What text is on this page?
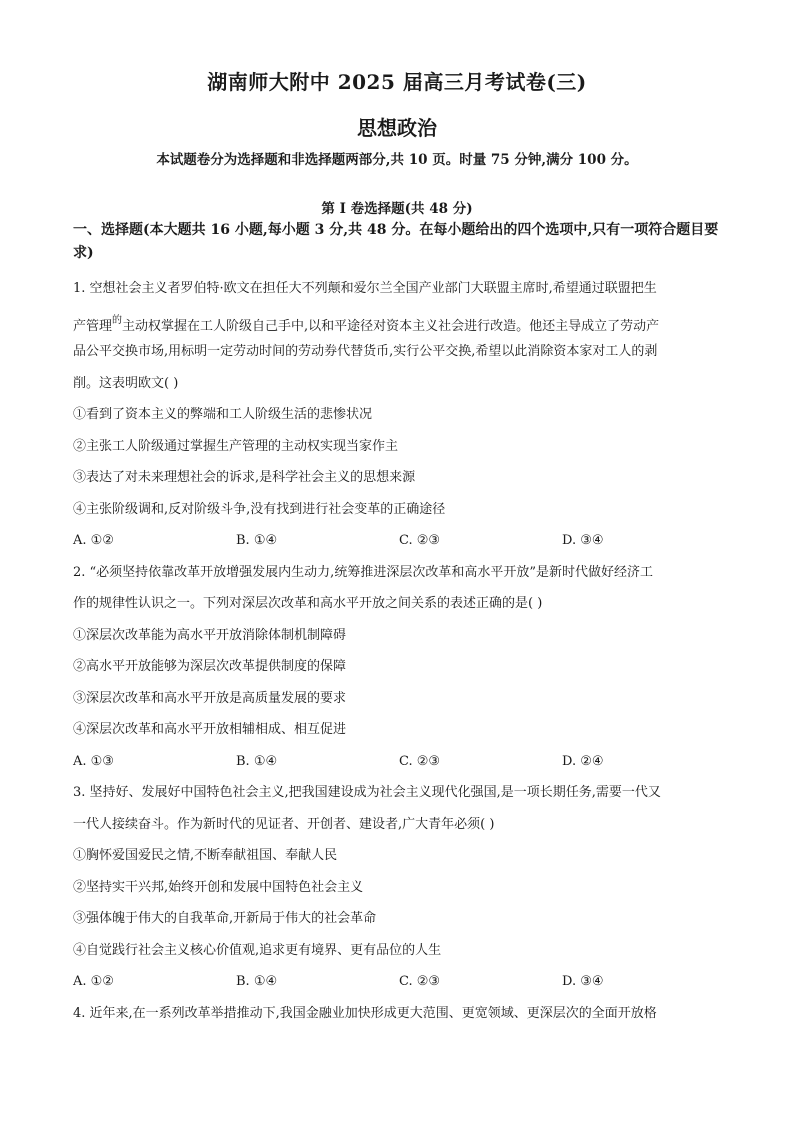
湖南师大附中 2025 届高三月考试卷(三)
思想政治
本试题卷分为选择题和非选择题两部分,共 10 页。时量 75 分钟,满分 100 分。
第 I 卷选择题(共 48 分)
一、选择题(本大题共 16 小题,每小题 3 分,共 48 分。在每小题给出的四个选项中,只有一项符合题目要求)
1. 空想社会主义者罗伯特·欧文在担任大不列颠和爱尔兰全国产业部门大联盟主席时,希望通过联盟把生
产管理$^的$主动权掌握在工人阶级自己手中,以和平途径对资本主义社会进行改造。他还主导成立了劳动产
品公平交换市场,用标明一定劳动时间的劳动券代替货币,实行公平交换,希望以此消除资本家对工人的剥
削。这表明欧文( )
①看到了资本主义的弊端和工人阶级生活的悲惨状况
②主张工人阶级通过掌握生产管理的主动权实现当家作主
③表达了对未来理想社会的诉求,是科学社会主义的思想来源
④主张阶级调和,反对阶级斗争,没有找到进行社会变革的正确途径
A. ①②	B. ①④	C. ②③	D. ③④
2. “必须坚持依靠改革开放增强发展内生动力,统筹推进深层次改革和高水平开放”是新时代做好经济工
作的规律性认识之一。下列对深层次改革和高水平开放之间关系的表述正确的是( )
①深层次改革能为高水平开放消除体制机制障碍
②高水平开放能够为深层次改革提供制度的保障
③深层次改革和高水平开放是高质量发展的要求
④深层次改革和高水平开放相辅相成、相互促进
A. ①③	B. ①④	C. ②③	D. ②④
3. 坚持好、发展好中国特色社会主义,把我国建设成为社会主义现代化强国,是一项长期任务,需要一代又
一代人接续奋斗。作为新时代的见证者、开创者、建设者,广大青年必须( )
①胸怀爱国爱民之情,不断奉献祖国、奉献人民
②坚持实干兴邦,始终开创和发展中国特色社会主义
③强体魄于伟大的自我革命,开新局于伟大的社会革命
④自觉践行社会主义核心价值观,追求更有境界、更有品位的人生
A. ①②	B. ①④	C. ②③	D. ③④
4. 近年来,在一系列改革举措推动下,我国金融业加快形成更大范围、更宽领域、更深层次的全面开放格
